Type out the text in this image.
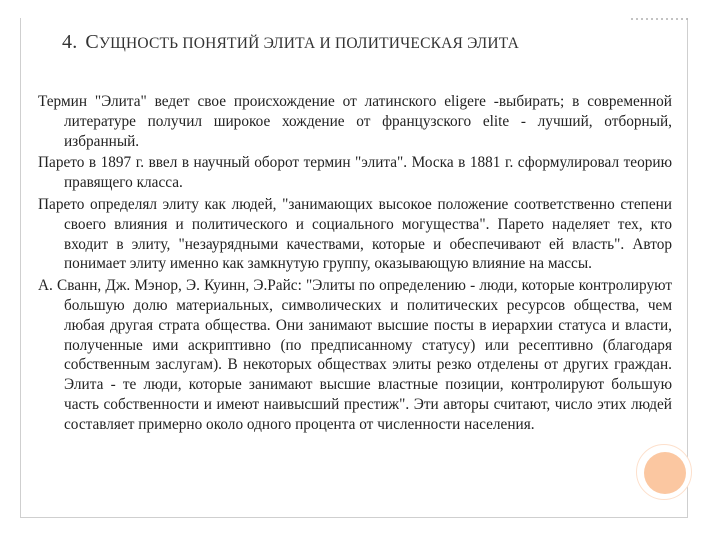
4. СУЩНОСТЬ ПОНЯТИЙ ЭЛИТА И ПОЛИТИЧЕСКАЯ ЭЛИТА

Термин "Элита" ведет свое происхождение от латинского eligere -выбирать; в современной литературе получил широкое хождение от французского elite - лучший, отборный, избранный.

Парето в 1897 г. ввел в научный оборот термин "элита". Моска в 1881 г. сформулировал теорию правящего класса.

Парето определял элиту как людей, "занимающих высокое положение соответственно степени своего влияния и политического и социального могущества". Парето наделяет тех, кто входит в элиту, "незаурядными качествами, которые и обеспечивают ей власть". Автор понимает элиту именно как замкнутую группу, оказывающую влияние на массы.

А. Сванн, Дж. Мэнор, Э. Куинн, Э.Райс: "Элиты по определению - люди, которые контролируют большую долю материальных, символических и политических ресурсов общества, чем любая другая страта общества. Они занимают высшие посты в иерархии статуса и власти, полученные ими аскриптивно (по предписанному статусу) или ресептивно (благодаря собственным заслугам). В некоторых обществах элиты резко отделены от других граждан. Элита - те люди, которые занимают высшие властные позиции, контролируют большую часть собственности и имеют наивысший престиж". Эти авторы считают, число этих людей составляет примерно около одного процента от численности населения.
